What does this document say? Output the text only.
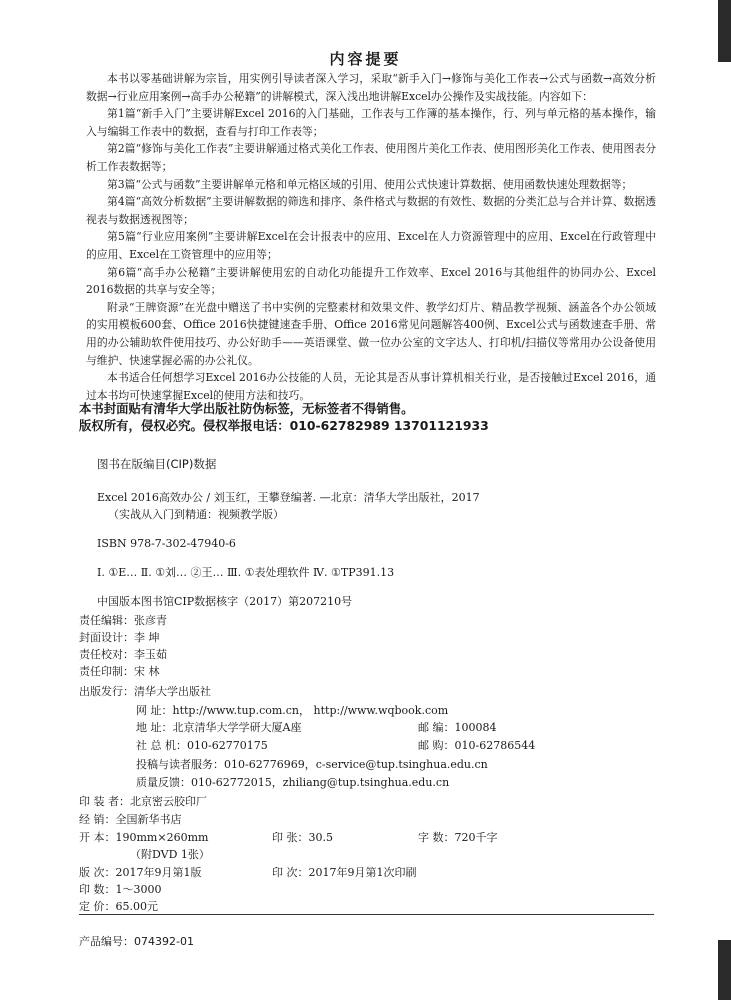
内容提要

本书以零基础讲解为宗旨，用实例引导读者深入学习，采取“新手入门→修饰与美化工作表→公式与函数→高效分析数据→行业应用案例→高手办公秘籍”的讲解模式，深入浅出地讲解Excel办公操作及实战技能。内容如下：

第1篇“新手入门”主要讲解Excel 2016的入门基础，工作表与工作簿的基本操作，行、列与单元格的基本操作，输入与编辑工作表中的数据，查看与打印工作表等；

第2篇“修饰与美化工作表”主要讲解通过格式美化工作表、使用图片美化工作表、使用图形美化工作表、使用图表分析工作表数据等；

第3篇“公式与函数”主要讲解单元格和单元格区域的引用、使用公式快速计算数据、使用函数快速处理数据等；

第4篇“高效分析数据”主要讲解数据的筛选和排序、条件格式与数据的有效性、数据的分类汇总与合并计算、数据透视表与数据透视图等；

第5篇“行业应用案例”主要讲解Excel在会计报表中的应用、Excel在人力资源管理中的应用、Excel在行政管理中的应用、Excel在工资管理中的应用等；

第6篇“高手办公秘籍”主要讲解使用宏的自动化功能提升工作效率、Excel 2016与其他组件的协同办公、Excel 2016数据的共享与安全等；

附录“王牌资源”在光盘中赠送了书中实例的完整素材和效果文件、教学幻灯片、精品教学视频、涵盖各个办公领域的实用模板600套、Office 2016快捷键速查手册、Office 2016常见问题解答400例、Excel公式与函数速查手册、常用的办公辅助软件使用技巧、办公好助手——英语课堂、做一位办公室的文字达人、打印机/扫描仪等常用办公设备使用与维护、快速掌握必需的办公礼仪。

本书适合任何想学习Excel 2016办公技能的人员，无论其是否从事计算机相关行业，是否接触过Excel 2016，通过本书均可快速掌握Excel的使用方法和技巧。

本书封面贴有清华大学出版社防伪标签，无标签者不得销售。
版权所有，侵权必究。侵权举报电话：010-62782989 13701121933
图书在版编目(CIP)数据
Excel 2016高效办公 / 刘玉红，王攀登编著. —北京：清华大学出版社，2017
（实战从入门到精通：视频教学版）
ISBN 978-7-302-47940-6
Ⅰ. ①E… Ⅱ. ①刘… ②王… Ⅲ. ①表处理软件 Ⅳ. ①TP391.13
中国版本图书馆CIP数据核字（2017）第207210号
责任编辑：张彦青
封面设计：李 坤
责任校对：李玉茹
责任印制：宋 林
出版发行：清华大学出版社
网 址：http://www.tup.com.cn， http://www.wqbook.com
地 址：北京清华大学学研大厦A座	邮 编：100084
社 总 机：010-62770175	邮 购：010-62786544
投稿与读者服务：010-62776969，c-service@tup.tsinghua.edu.cn
质量反馈：010-62772015，zhiliang@tup.tsinghua.edu.cn
印 装 者：北京密云胶印厂
经 销：全国新华书店
开 本：190mm×260mm	印 张：30.5	字 数：720千字
（附DVD 1张）
版 次：2017年9月第1版	印 次：2017年9月第1次印刷
印 数：1～3000
定 价：65.00元
产品编号：074392-01
